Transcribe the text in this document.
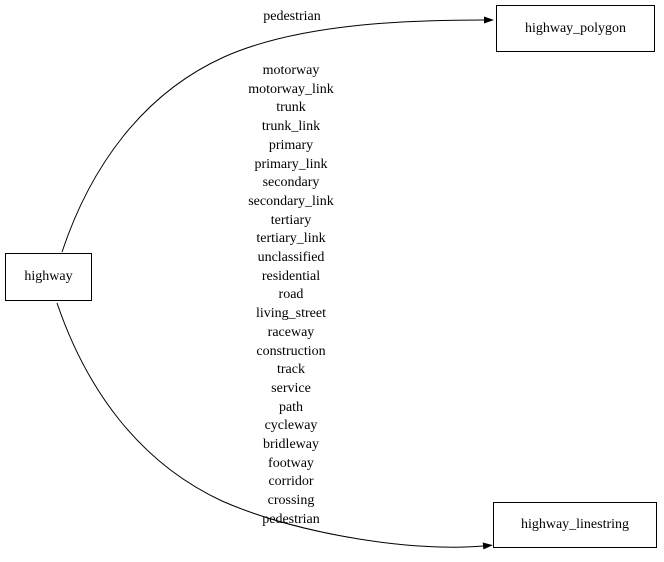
highway
highway_polygon
highway_linestring
pedestrian
motorway
motorway_link
trunk
trunk_link
primary
primary_link
secondary
secondary_link
tertiary
tertiary_link
unclassified
residential
road
living_street
raceway
construction
track
service
path
cycleway
bridleway
footway
corridor
crossing
pedestrian
